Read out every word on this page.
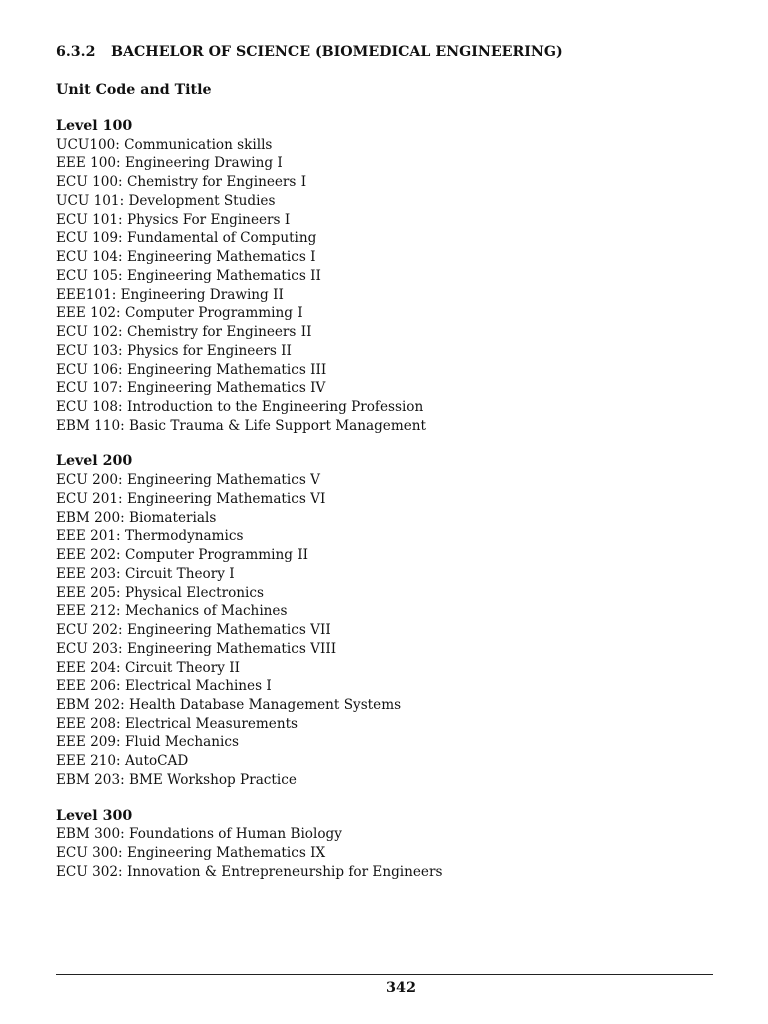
6.3.2 BACHELOR OF SCIENCE (BIOMEDICAL ENGINEERING)
Unit Code and Title
Level 100
UCU100: Communication skills
EEE 100: Engineering Drawing I
ECU 100: Chemistry for Engineers I
UCU 101: Development Studies
ECU 101: Physics For Engineers I
ECU 109: Fundamental of Computing
ECU 104: Engineering Mathematics I
ECU 105: Engineering Mathematics II
EEE101: Engineering Drawing II
EEE 102: Computer Programming I
ECU 102: Chemistry for Engineers II
ECU 103: Physics for Engineers II
ECU 106: Engineering Mathematics III
ECU 107: Engineering Mathematics IV
ECU 108: Introduction to the Engineering Profession
EBM 110: Basic Trauma & Life Support Management
Level 200
ECU 200: Engineering Mathematics V
ECU 201: Engineering Mathematics VI
EBM 200: Biomaterials
EEE 201: Thermodynamics
EEE 202: Computer Programming II
EEE 203: Circuit Theory I
EEE 205: Physical Electronics
EEE 212: Mechanics of Machines
ECU 202: Engineering Mathematics VII
ECU 203: Engineering Mathematics VIII
EEE 204: Circuit Theory II
EEE 206: Electrical Machines I
EBM 202: Health Database Management Systems
EEE 208: Electrical Measurements
EEE 209: Fluid Mechanics
EEE 210: AutoCAD
EBM 203: BME Workshop Practice
Level 300
EBM 300: Foundations of Human Biology
ECU 300: Engineering Mathematics IX
ECU 302: Innovation & Entrepreneurship for Engineers
342
